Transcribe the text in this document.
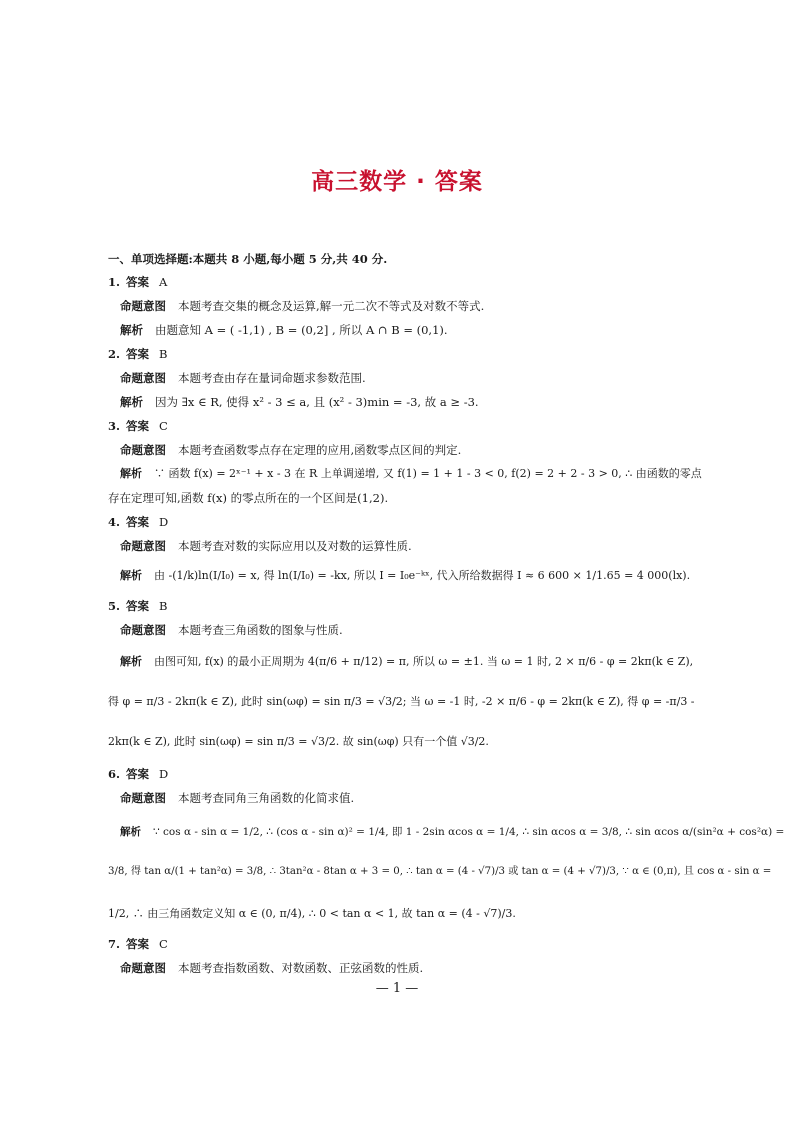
高三数学 · 答案
一、单项选择题:本题共 8 小题,每小题 5 分,共 40 分.
1. 答案 A
命题意图 本题考查交集的概念及运算,解一元二次不等式及对数不等式.
解析 由题意知 A = ( -1,1) , B = (0,2] , 所以 A ∩ B = (0,1).
2. 答案 B
命题意图 本题考查由存在量词命题求参数范围.
解析 因为 ∃x ∈ R, 使得 x² - 3 ≤ a, 且 (x² - 3)min = -3, 故 a ≥ -3.
3. 答案 C
命题意图 本题考查函数零点存在定理的应用,函数零点区间的判定.
解析 ∵ 函数 f(x) = 2ˣ⁻¹ + x - 3 在 R 上单调递增, 又 f(1) = 1 + 1 - 3 < 0, f(2) = 2 + 2 - 3 > 0, ∴ 由函数的零点
存在定理可知,函数 f(x) 的零点所在的一个区间是(1,2).
4. 答案 D
命题意图 本题考查对数的实际应用以及对数的运算性质.
解析 由 -(1/k)ln(I/I₀) = x, 得 ln(I/I₀) = -kx, 所以 I = I₀e⁻ᵏˣ, 代入所给数据得 I ≈ 6 600 × 1/1.65 = 4 000(lx).
5. 答案 B
命题意图 本题考查三角函数的图象与性质.
解析 由图可知, f(x) 的最小正周期为 4(π/6 + π/12) = π, 所以 ω = ±1. 当 ω = 1 时, 2 × π/6 - φ = 2kπ(k ∈ Z),
得 φ = π/3 - 2kπ(k ∈ Z), 此时 sin(ωφ) = sin π/3 = √3/2; 当 ω = -1 时, -2 × π/6 - φ = 2kπ(k ∈ Z), 得 φ = -π/3 -
2kπ(k ∈ Z), 此时 sin(ωφ) = sin π/3 = √3/2. 故 sin(ωφ) 只有一个值 √3/2.
6. 答案 D
命题意图 本题考查同角三角函数的化简求值.
解析 ∵ cos α - sin α = 1/2, ∴ (cos α - sin α)² = 1/4, 即 1 - 2sin αcos α = 1/4, ∴ sin αcos α = 3/8, ∴ sin αcos α/(sin²α + cos²α) =
3/8, 得 tan α/(1 + tan²α) = 3/8, ∴ 3tan²α - 8tan α + 3 = 0, ∴ tan α = (4 - √7)/3 或 tan α = (4 + √7)/3, ∵ α ∈ (0,π), 且 cos α - sin α =
1/2, ∴ 由三角函数定义知 α ∈ (0, π/4), ∴ 0 < tan α < 1, 故 tan α = (4 - √7)/3.
7. 答案 C
命题意图 本题考查指数函数、对数函数、正弦函数的性质.
— 1 —
